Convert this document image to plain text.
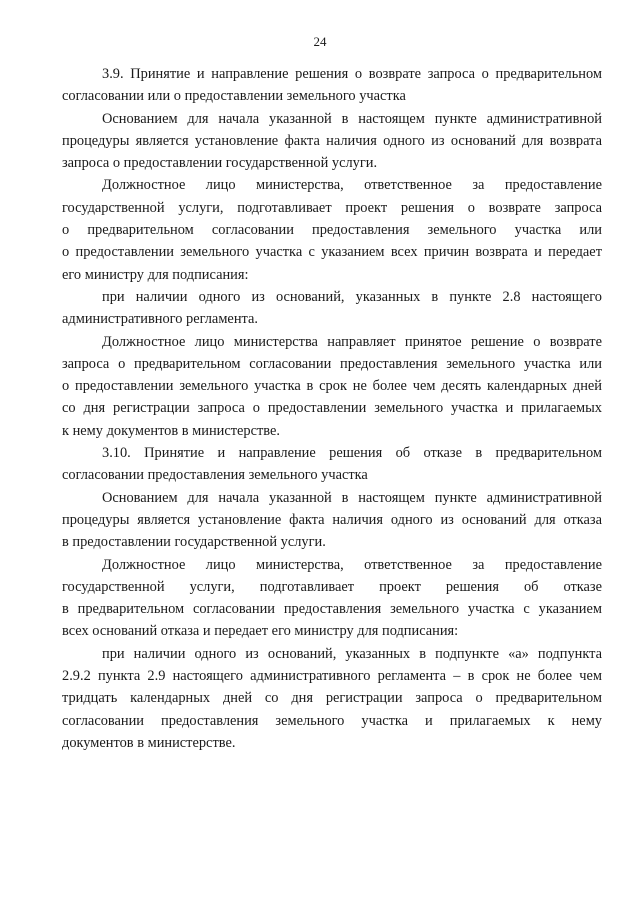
24
3.9. Принятие и направление решения о возврате запроса о предварительном
согласовании или о предоставлении земельного участка
Основанием для начала указанной в настоящем пункте административной
процедуры является установление факта наличия одного из оснований для возврата
запроса о предоставлении государственной услуги.
Должностное лицо министерства, ответственное за предоставление
государственной услуги, подготавливает проект решения о возврате запроса
о предварительном согласовании предоставления земельного участка или
о предоставлении земельного участка с указанием всех причин возврата и передает
его министру для подписания:
при наличии одного из оснований, указанных в пункте 2.8 настоящего
административного регламента.
Должностное лицо министерства направляет принятое решение о возврате
запроса о предварительном согласовании предоставления земельного участка или
о предоставлении земельного участка в срок не более чем десять календарных дней
со дня регистрации запроса о предоставлении земельного участка и прилагаемых
к нему документов в министерстве.
3.10. Принятие и направление решения об отказе в предварительном
согласовании предоставления земельного участка
Основанием для начала указанной в настоящем пункте административной
процедуры является установление факта наличия одного из оснований для отказа
в предоставлении государственной услуги.
Должностное лицо министерства, ответственное за предоставление
государственной услуги, подготавливает проект решения об отказе
в предварительном согласовании предоставления земельного участка с указанием
всех оснований отказа и передает его министру для подписания:
при наличии одного из оснований, указанных в подпункте «а» подпункта
2.9.2 пункта 2.9 настоящего административного регламента – в срок не более чем
тридцать календарных дней со дня регистрации запроса о предварительном
согласовании предоставления земельного участка и прилагаемых к нему
документов в министерстве.
